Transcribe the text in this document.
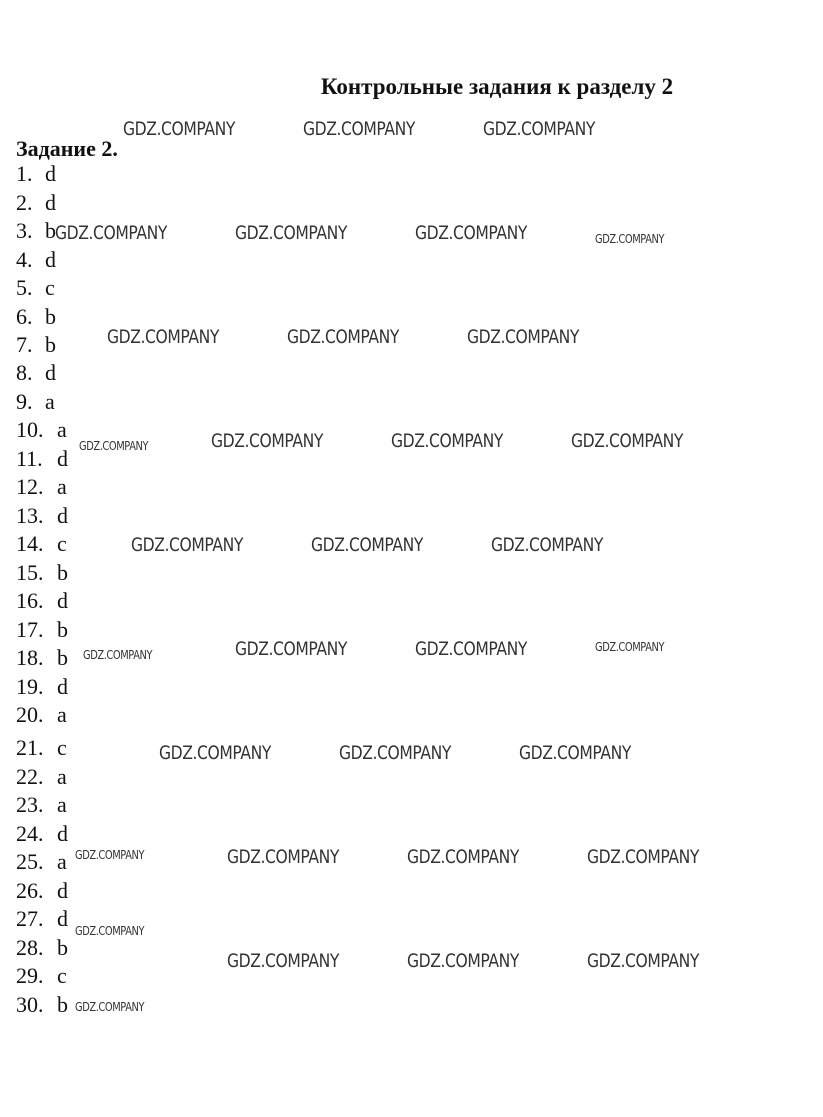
Контрольные задания к разделу 2
Задание 2.
1. d
2. d
3. b
4. d
5. c
6. b
7. b
8. d
9. a
10. a
11. d
12. a
13. d
14. c
15. b
16. d
17. b
18. b
19. d
20. a
21. c
22. a
23. a
24. d
25. a
26. d
27. d
28. b
29. c
30. b
GDZ.COMPANY	GDZ.COMPANY	GDZ.COMPANY
GDZ.COMPANY	GDZ.COMPANY	GDZ.COMPANY	GDZ.COMPANY
GDZ.COMPANY	GDZ.COMPANY	GDZ.COMPANY
GDZ.COMPANY	GDZ.COMPANY	GDZ.COMPANY	GDZ.COMPANY
GDZ.COMPANY	GDZ.COMPANY	GDZ.COMPANY
GDZ.COMPANY	GDZ.COMPANY	GDZ.COMPANY	GDZ.COMPANY
GDZ.COMPANY	GDZ.COMPANY	GDZ.COMPANY
GDZ.COMPANY	GDZ.COMPANY	GDZ.COMPANY	GDZ.COMPANY
GDZ.COMPANY
GDZ.COMPANY	GDZ.COMPANY	GDZ.COMPANY
GDZ.COMPANY
